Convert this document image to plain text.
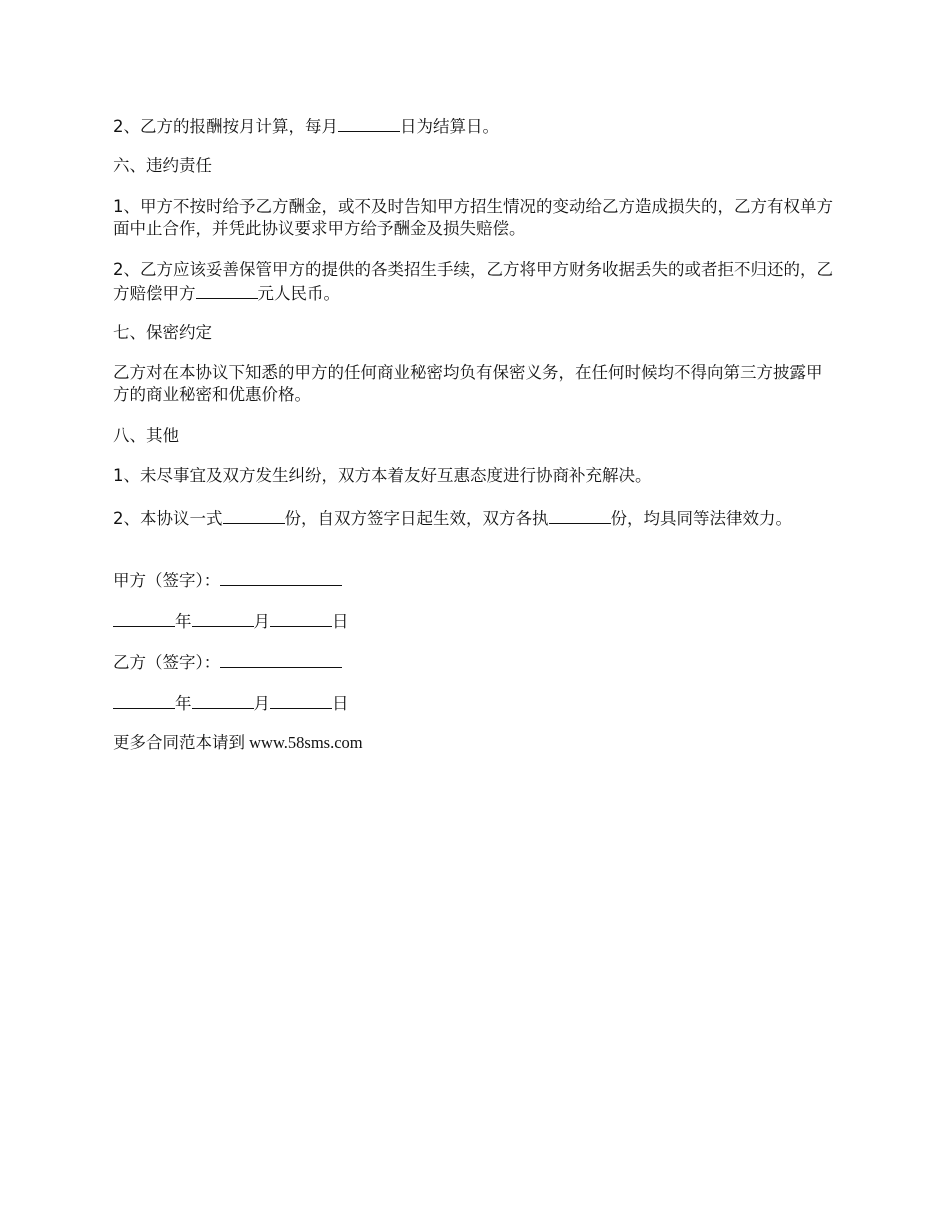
2、乙方的报酬按月计算，每月	日为结算日。

六、违约责任

1、甲方不按时给予乙方酬金，或不及时告知甲方招生情况的变动给乙方造成损失的，乙方有权单方面中止合作，并凭此协议要求甲方给予酬金及损失赔偿。

2、乙方应该妥善保管甲方的提供的各类招生手续，乙方将甲方财务收据丢失的或者拒不归还的，乙方赔偿甲方	元人民币。

七、保密约定

乙方对在本协议下知悉的甲方的任何商业秘密均负有保密义务，在任何时候均不得向第三方披露甲方的商业秘密和优惠价格。

八、其他

1、未尽事宜及双方发生纠纷，双方本着友好互惠态度进行协商补充解决。

2、本协议一式	份，自双方签字日起生效，双方各执	份，均具同等法律效力。

甲方（签字）：

年	月	日

乙方（签字）：

年	月	日

更多合同范本请到 www.58sms.com
